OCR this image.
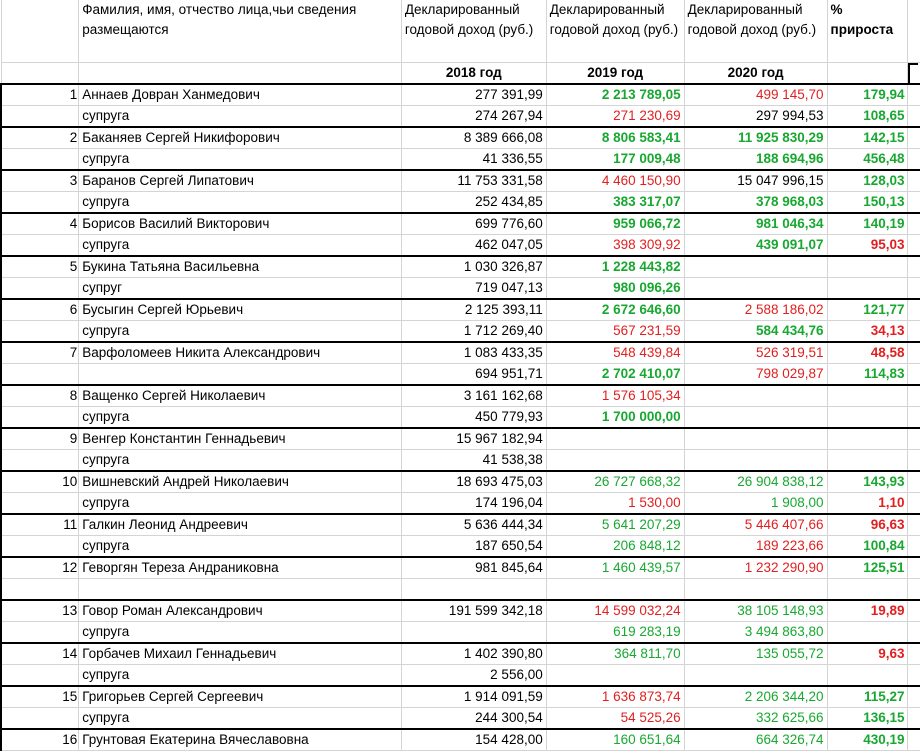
	Фамилия, имя, отчество лица,чьи сведения размещаются	Декларированный годовой доход (руб.)	Декларированный годовой доход (руб.)	Декларированный годовой доход (руб.)	% прироста	
		2018 год	2019 год	2020 год		
1	Аннаев Довран Ханмедович	277 391,99	2 213 789,05	499 145,70	179,94	
	супруга	274 267,94	271 230,69	297 994,53	108,65	
2	Баканяев Сергей Никифорович	8 389 666,08	8 806 583,41	11 925 830,29	142,15	
	супруга	41 336,55	177 009,48	188 694,96	456,48	
3	Баранов Сергей Липатович	11 753 331,58	4 460 150,90	15 047 996,15	128,03	
	супруга	252 434,85	383 317,07	378 968,03	150,13	
4	Борисов Василий Викторович	699 776,60	959 066,72	981 046,34	140,19	
	супруга	462 047,05	398 309,92	439 091,07	95,03	
5	Букина Татьяна Васильевна	1 030 326,87	1 228 443,82			
	супруг	719 047,13	980 096,26			
6	Бусыгин Сергей Юрьевич	2 125 393,11	2 672 646,60	2 588 186,02	121,77	
	супруга	1 712 269,40	567 231,59	584 434,76	34,13	
7	Варфоломеев Никита Александрович	1 083 433,35	548 439,84	526 319,51	48,58	
		694 951,71	2 702 410,07	798 029,87	114,83	
8	Ващенко Сергей Николаевич	3 161 162,68	1 576 105,34			
	супруга	450 779,93	1 700 000,00			
9	Венгер Константин Геннадьевич	15 967 182,94				
	супруга	41 538,38				
10	Вишневский Андрей Николаевич	18 693 475,03	26 727 668,32	26 904 838,12	143,93	
	супруга	174 196,04	1 530,00	1 908,00	1,10	
11	Галкин Леонид Андреевич	5 636 444,34	5 641 207,29	5 446 407,66	96,63	
	супруга	187 650,54	206 848,12	189 223,66	100,84	
12	Геворгян Тереза Андраниковна	981 845,64	1 460 439,57	1 232 290,90	125,51	

13	Говор Роман Александрович	191 599 342,18	14 599 032,24	38 105 148,93	19,89	
	супруга		619 283,19	3 494 863,80		
14	Горбачев Михаил Геннадьевич	1 402 390,80	364 811,70	135 055,72	9,63	
	супруга	2 556,00				
15	Григорьев Сергей Сергеевич	1 914 091,59	1 636 873,74	2 206 344,20	115,27	
	супруга	244 300,54	54 525,26	332 625,66	136,15	
16	Грунтовая Екатерина Вячеславовна	154 428,00	160 651,64	664 326,74	430,19	
